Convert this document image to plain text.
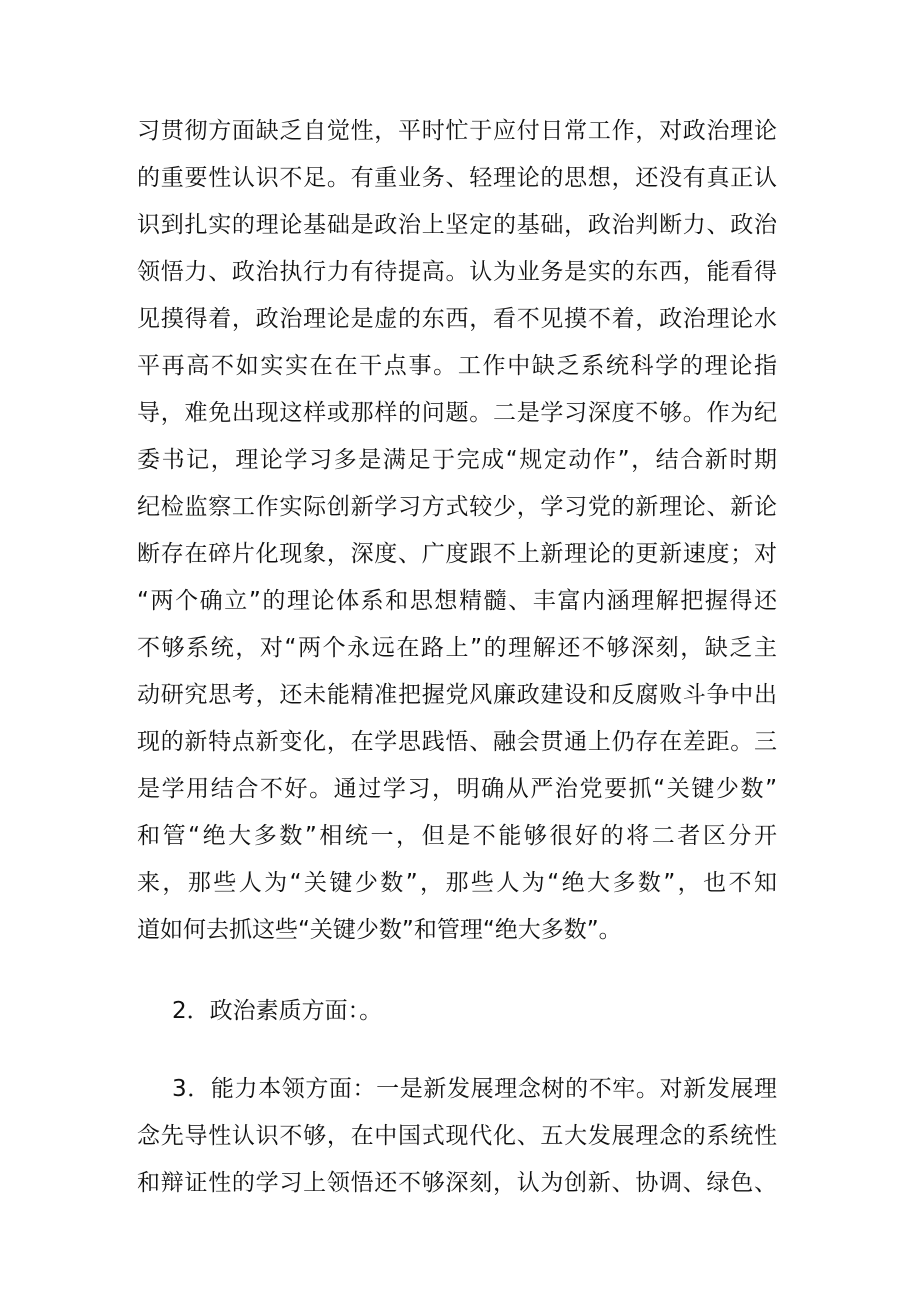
习贯彻方面缺乏自觉性，平时忙于应付日常工作，对政治理论
的重要性认识不足。有重业务、轻理论的思想，还没有真正认
识到扎实的理论基础是政治上坚定的基础，政治判断力、政治
领悟力、政治执行力有待提高。认为业务是实的东西，能看得
见摸得着，政治理论是虚的东西，看不见摸不着，政治理论水
平再高不如实实在在干点事。工作中缺乏系统科学的理论指
导，难免出现这样或那样的问题。二是学习深度不够。作为纪
委书记，理论学习多是满足于完成“规定动作”，结合新时期
纪检监察工作实际创新学习方式较少，学习党的新理论、新论
断存在碎片化现象，深度、广度跟不上新理论的更新速度；对
“两个确立”的理论体系和思想精髓、丰富内涵理解把握得还
不够系统，对“两个永远在路上”的理解还不够深刻，缺乏主
动研究思考，还未能精准把握党风廉政建设和反腐败斗争中出
现的新特点新变化，在学思践悟、融会贯通上仍存在差距。三
是学用结合不好。通过学习，明确从严治党要抓“关键少数”
和管“绝大多数”相统一，但是不能够很好的将二者区分开
来，那些人为“关键少数”，那些人为“绝大多数”，也不知
道如何去抓这些“关键少数”和管理“绝大多数”。
2．政治素质方面：。
3．能力本领方面：一是新发展理念树的不牢。对新发展理
念先导性认识不够，在中国式现代化、五大发展理念的系统性
和辩证性的学习上领悟还不够深刻，认为创新、协调、绿色、
